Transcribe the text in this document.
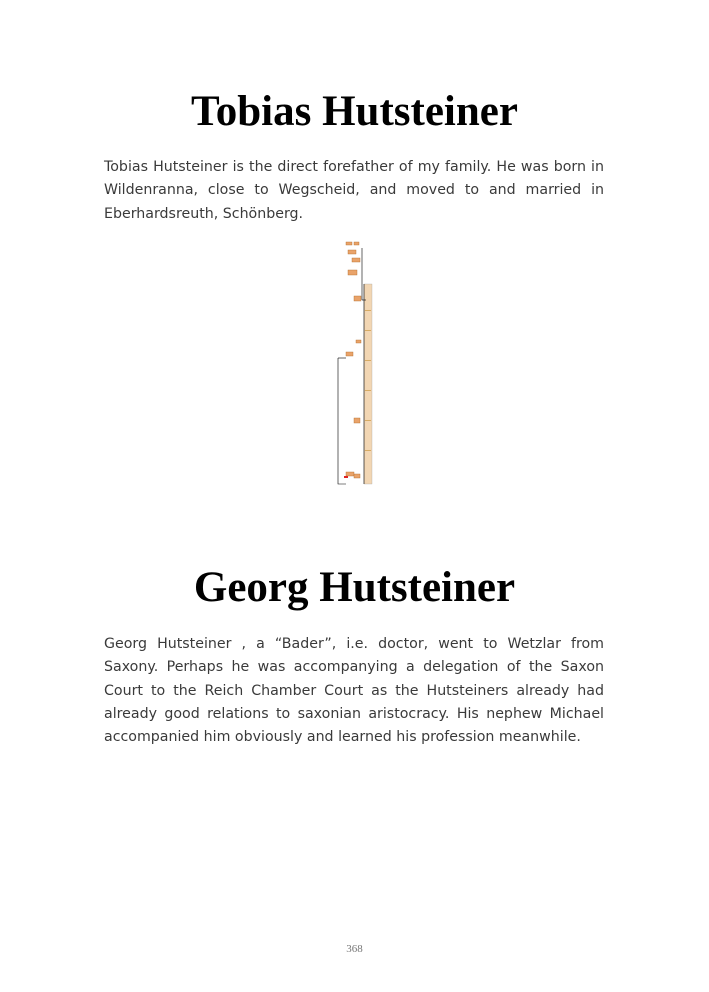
Tobias Hutsteiner

Tobias Hutsteiner is the direct forefather of my family. He was born in Wildenranna, close to Wegscheid, and moved to and married in Eberhardsreuth, Schönberg.

Georg Hutsteiner

Georg Hutsteiner , a “Bader”, i.e. doctor, went to Wetzlar from Saxony. Perhaps he was accompanying a delegation of the Saxon Court to the Reich Chamber Court as the Hutsteiners already had already good relations to saxonian aristocracy. His nephew Michael accompanied him obviously and learned his profession meanwhile.

368
